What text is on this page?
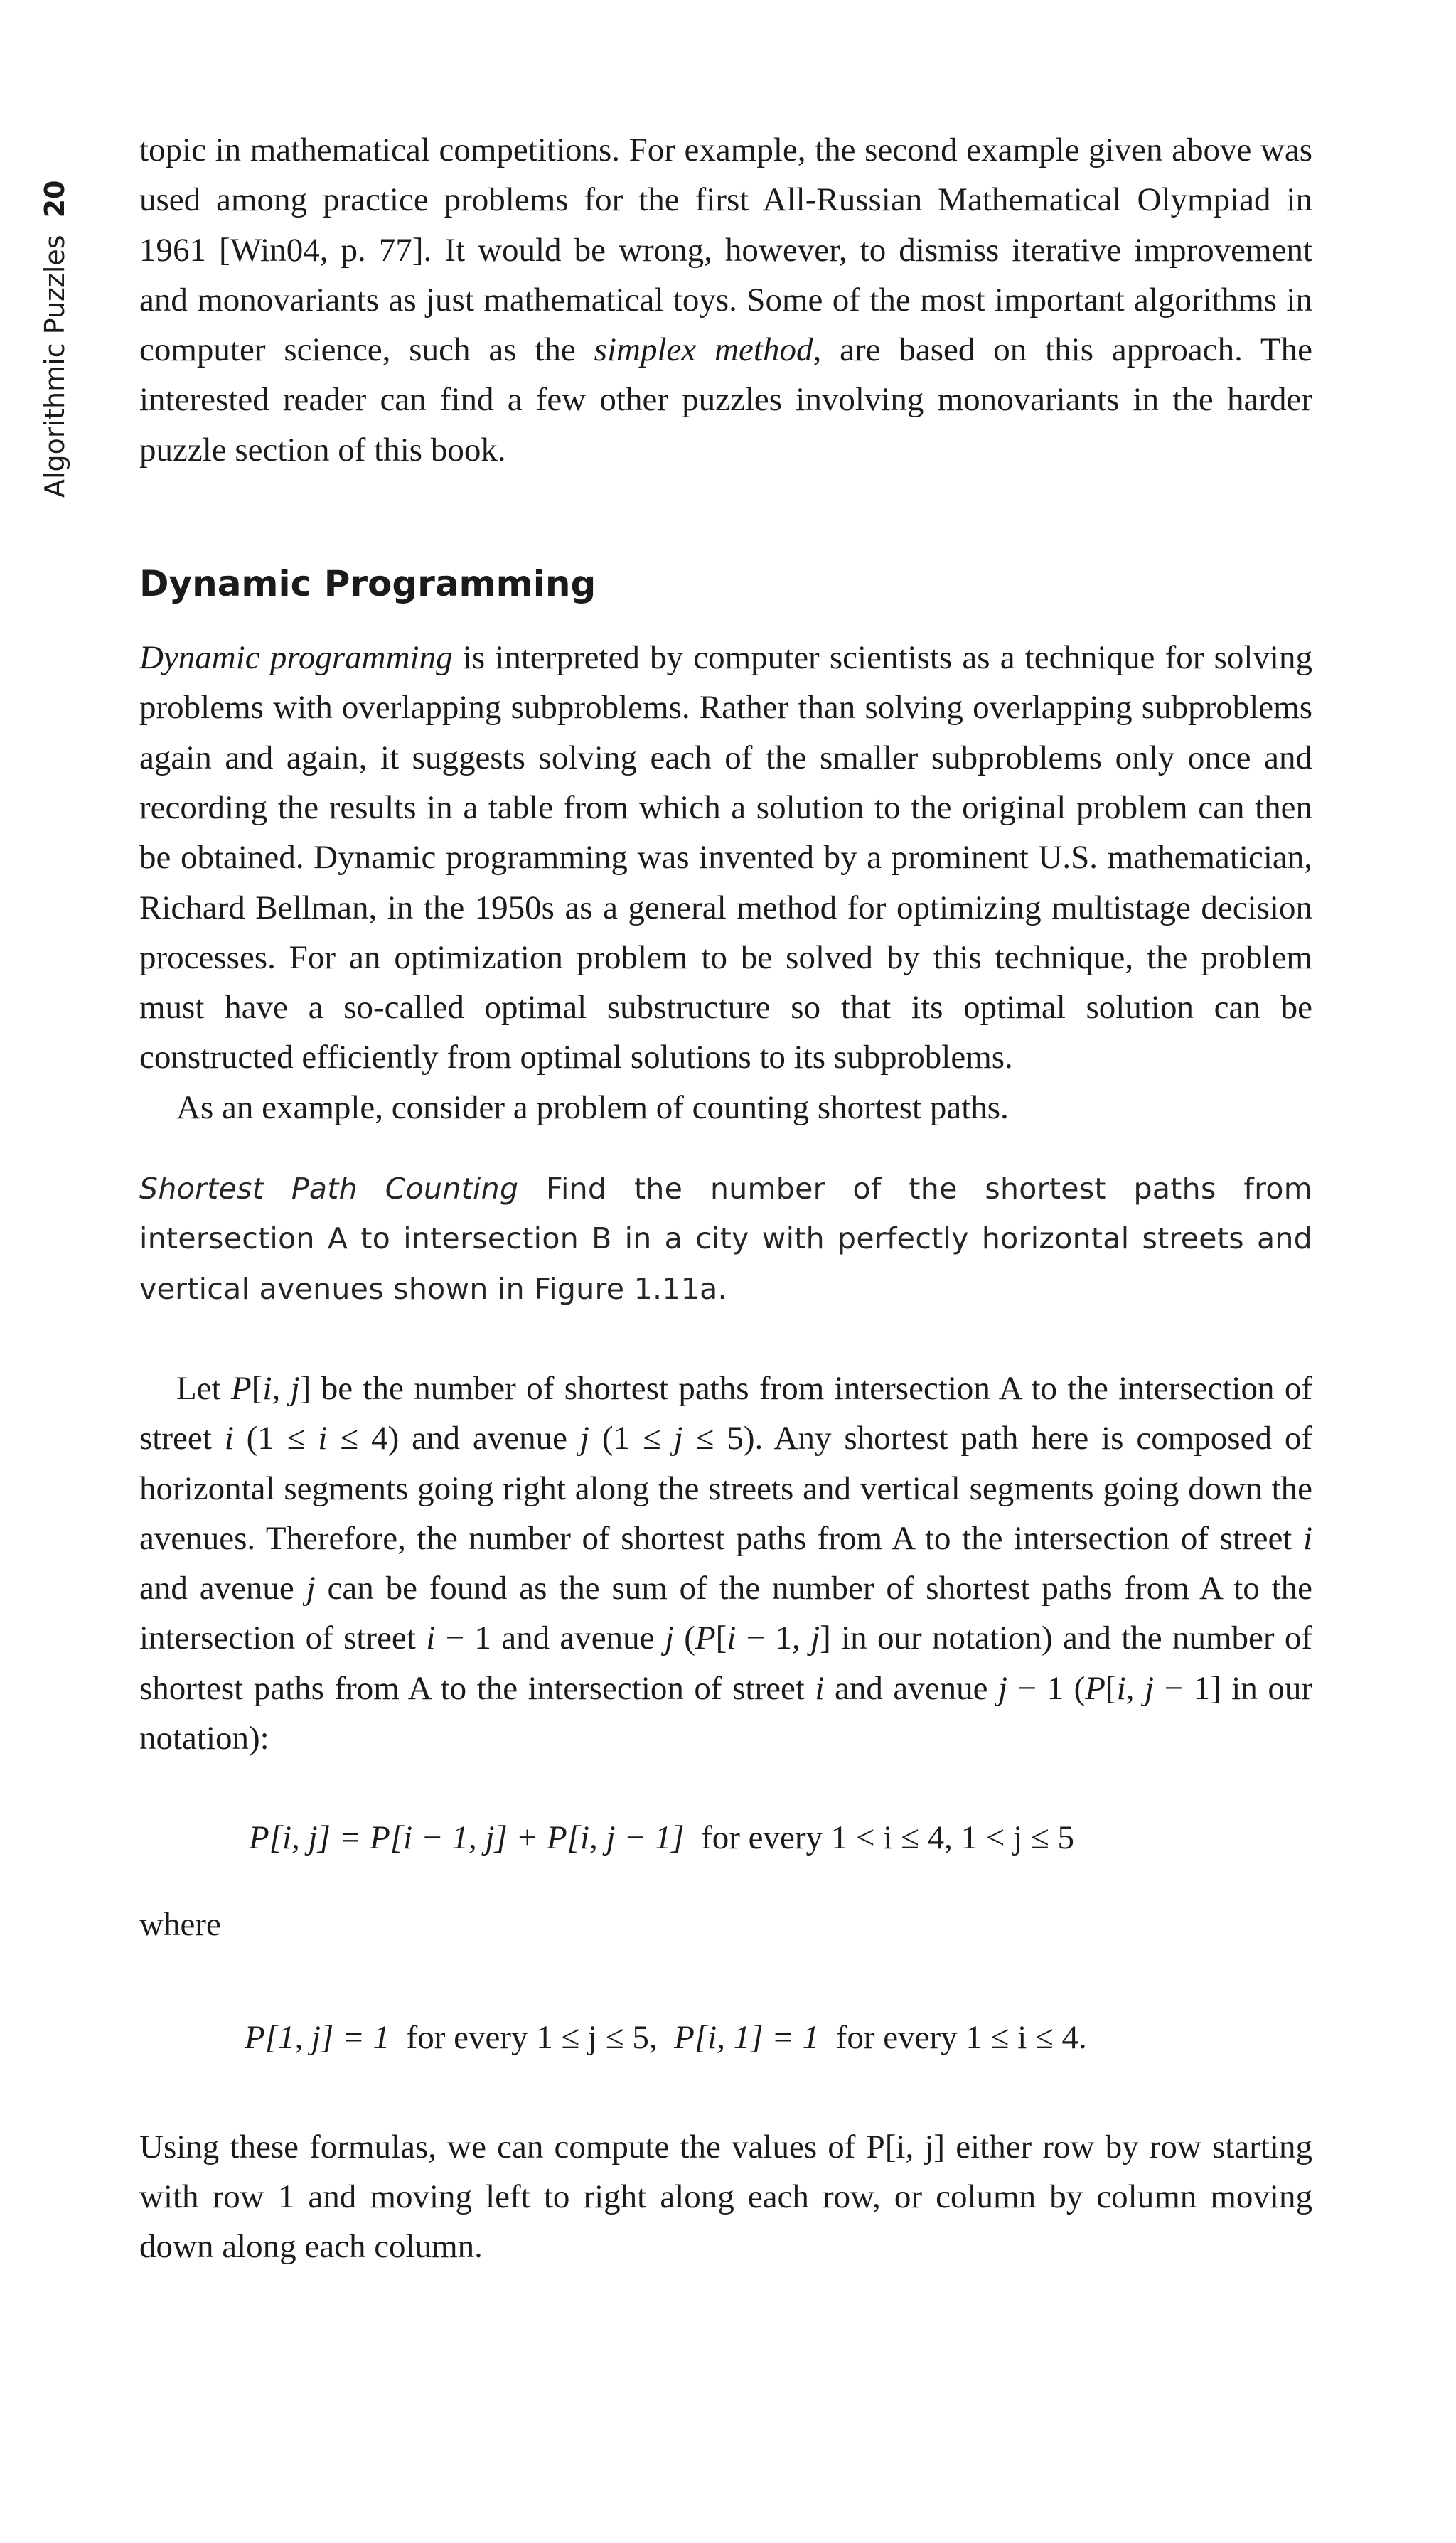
Algorithmic Puzzles20

topic in mathematical competitions. For example, the second example given above was used among practice problems for the first All-Russian Mathematical Olympiad in 1961 [Win04, p. 77]. It would be wrong, however, to dismiss iterative improvement and monovariants as just mathematical toys. Some of the most important algorithms in computer science, such as the simplex method, are based on this approach. The interested reader can find a few other puzzles involving monovariants in the harder puzzle section of this book.

Dynamic Programming

Dynamic programming is interpreted by computer scientists as a technique for solving problems with overlapping subproblems. Rather than solving overlapping subproblems again and again, it suggests solving each of the smaller subproblems only once and recording the results in a table from which a solution to the original problem can then be obtained. Dynamic programming was invented by a prominent U.S. mathematician, Richard Bellman, in the 1950s as a general method for optimizing multistage decision processes. For an optimization problem to be solved by this technique, the problem must have a so-called optimal substructure so that its optimal solution can be constructed efficiently from optimal solutions to its subproblems.

As an example, consider a problem of counting shortest paths.

Shortest Path Counting Find the number of the shortest paths from intersection A to intersection B in a city with perfectly horizontal streets and vertical avenues shown in Figure 1.11a.

Let P[i, j] be the number of shortest paths from intersection A to the intersection of street i (1 ≤ i ≤ 4) and avenue j (1 ≤ j ≤ 5). Any shortest path here is composed of horizontal segments going right along the streets and vertical segments going down the avenues. Therefore, the number of shortest paths from A to the intersection of street i and avenue j can be found as the sum of the number of shortest paths from A to the intersection of street i − 1 and avenue j (P[i − 1, j] in our notation) and the number of shortest paths from A to the intersection of street i and avenue j − 1 (P[i, j − 1] in our notation):

P[i, j] = P[i − 1, j] + P[i, j − 1] for every 1 < i ≤ 4, 1 < j ≤ 5

where

P[1, j] = 1 for every 1 ≤ j ≤ 5, P[i, 1] = 1 for every 1 ≤ i ≤ 4.

Using these formulas, we can compute the values of P[i, j] either row by row starting with row 1 and moving left to right along each row, or column by column moving down along each column.
